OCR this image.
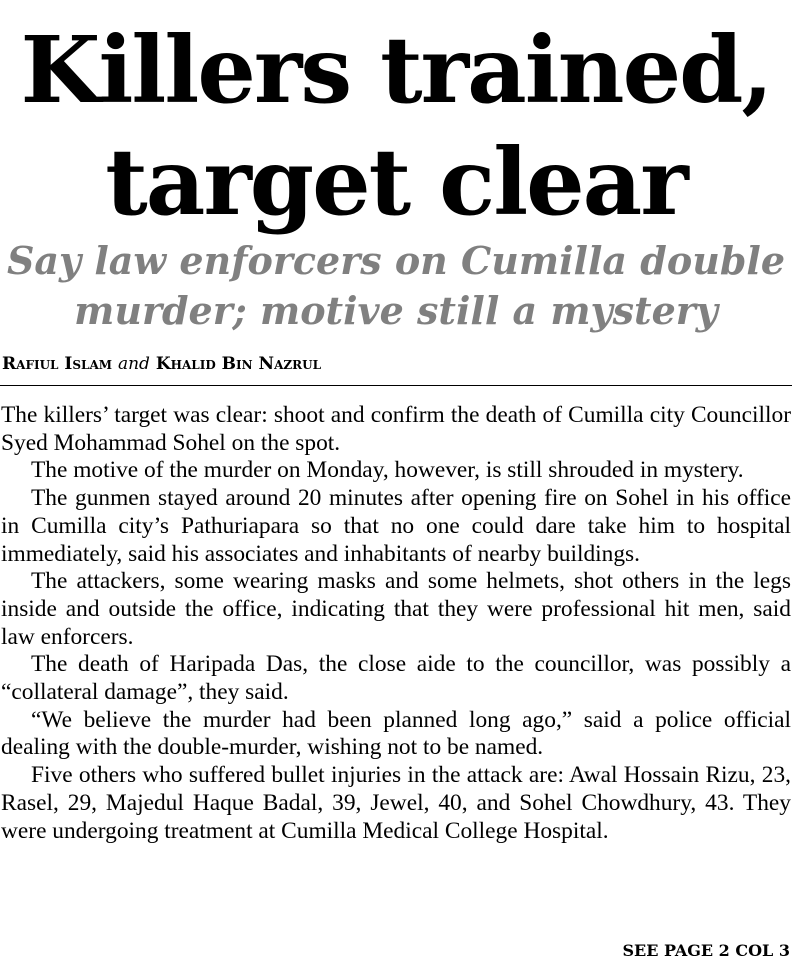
Killers trained,
target clear
Say law enforcers on Cumilla double
murder; motive still a mystery
Rafiul Islam and Khalid Bin Nazrul

The killers’ target was clear: shoot and confirm the death of Cumilla city Councillor Syed Mohammad Sohel on the spot.

The motive of the murder on Monday, however, is still shrouded in mystery.

The gunmen stayed around 20 minutes after opening fire on Sohel in his office in Cumilla city’s Pathuriapara so that no one could dare take him to hospital immediately, said his associates and inhabitants of nearby buildings.

The attackers, some wearing masks and some helmets, shot others in the legs inside and outside the office, indicating that they were professional hit men, said law enforcers.

The death of Haripada Das, the close aide to the councillor, was possibly a “collateral damage”, they said.

“We believe the murder had been planned long ago,” said a police official dealing with the double-murder, wishing not to be named.

Five others who suffered bullet injuries in the attack are: Awal Hossain Rizu, 23, Rasel, 29, Majedul Haque Badal, 39, Jewel, 40, and Sohel Chowdhury, 43. They were undergoing treatment at Cumilla Medical College Hospital.

SEE PAGE 2 COL 3
